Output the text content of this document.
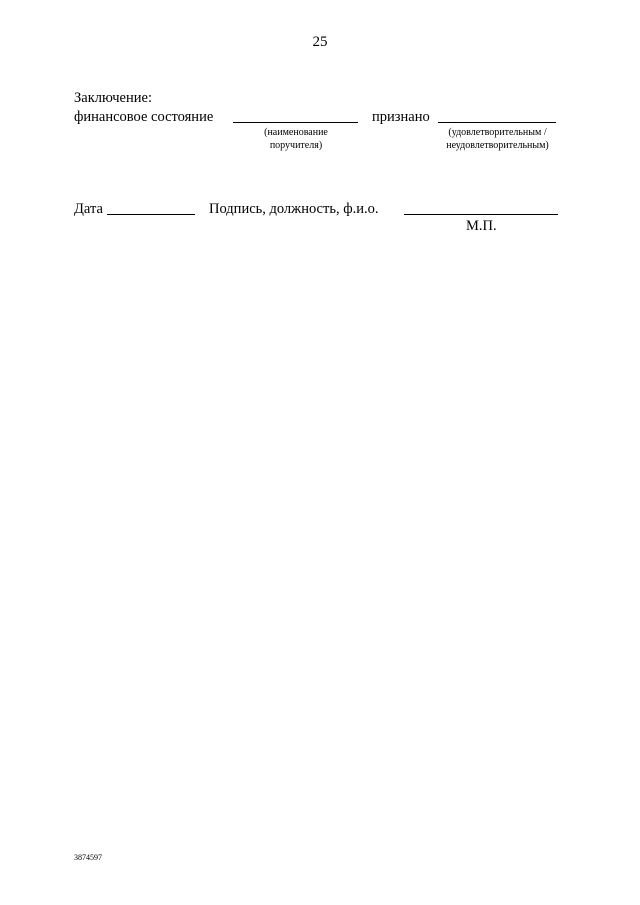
25
Заключение:
финансовое состояние
(наименование
поручителя)
признано
(удовлетворительным /
неудовлетворительным)
Дата	Подпись, должность, ф.и.о.
М.П.
3874597
